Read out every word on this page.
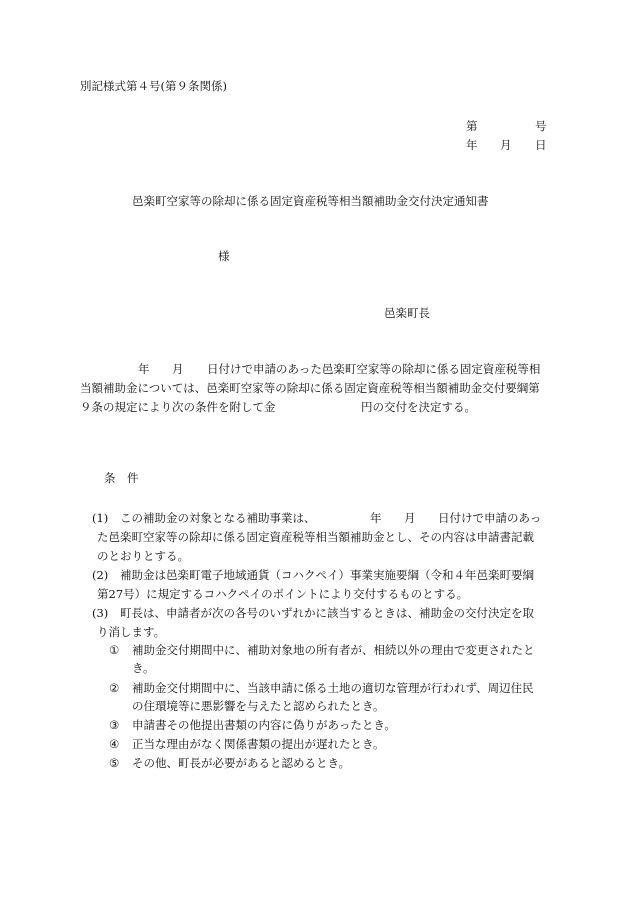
別記様式第４号(第９条関係)
第	号
年 月 日
邑楽町空家等の除却に係る固定資産税等相当額補助金交付決定通知書
様
邑楽町長
年 月 日付けで申請のあった邑楽町空家等の除却に係る固定資産税等相
当額補助金については、邑楽町空家等の除却に係る固定資産税等相当額補助金交付要綱第
９条の規定により次の条件を附して金	円の交付を決定する。
条　件
(1) この補助金の対象となる補助事業は、	年 月 日付けで申請のあっ
た邑楽町空家等の除却に係る固定資産税等相当額補助金とし、その内容は申請書記載
のとおりとする。
(2) 補助金は邑楽町電子地域通貨（コハクペイ）事業実施要綱（令和４年邑楽町要綱
第27号）に規定するコハクペイのポイントにより交付するものとする。
(3) 町長は、申請者が次の各号のいずれかに該当するときは、補助金の交付決定を取
り消します。
① 補助金交付期間中に、補助対象地の所有者が、相続以外の理由で変更されたと
き。
② 補助金交付期間中に、当該申請に係る土地の適切な管理が行われず、周辺住民
の住環境等に悪影響を与えたと認められたとき。
③ 申請書その他提出書類の内容に偽りがあったとき。
④ 正当な理由がなく関係書類の提出が遅れたとき。
⑤ その他、町長が必要があると認めるとき。
